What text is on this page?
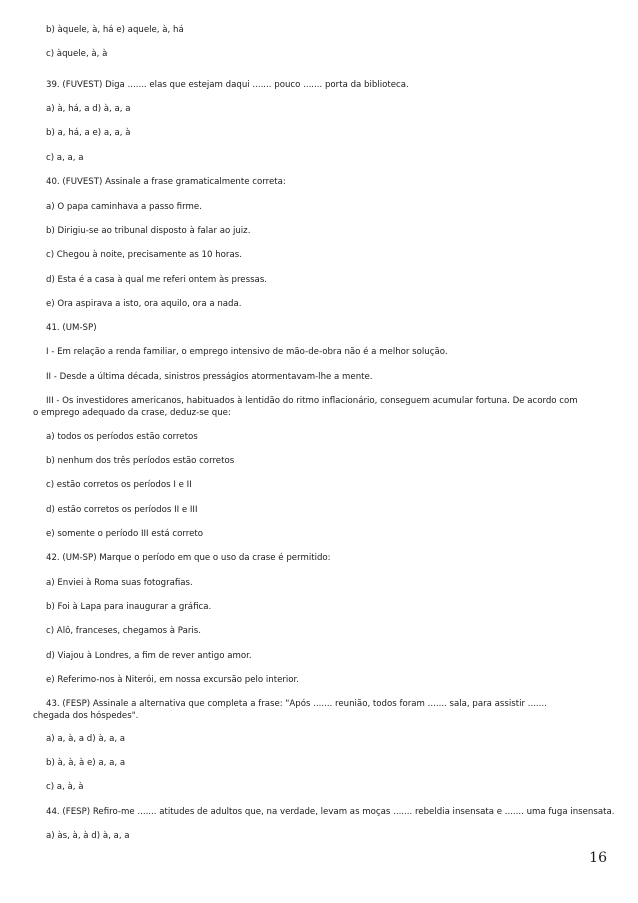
b) àquele, à, há e) aquele, à, há
c) àquele, à, à
39. (FUVEST) Diga ....... elas que estejam daqui ....... pouco ....... porta da biblioteca.
a) à, há, a d) à, a, a
b) a, há, a e) a, a, à
c) a, a, a
40. (FUVEST) Assinale a frase gramaticalmente correta:
a) O papa caminhava a passo firme.
b) Dirigiu-se ao tribunal disposto à falar ao juiz.
c) Chegou à noite, precisamente as 10 horas.
d) Esta é a casa à qual me referi ontem às pressas.
e) Ora aspirava a isto, ora aquilo, ora a nada.
41. (UM-SP)
I - Em relação a renda familiar, o emprego intensivo de mão-de-obra não é a melhor solução.
II - Desde a última década, sinistros presságios atormentavam-lhe a mente.
III - Os investidores americanos, habituados à lentidão do ritmo inflacionário, conseguem acumular fortuna. De acordo com o emprego adequado da crase, deduz-se que:
a) todos os períodos estão corretos
b) nenhum dos três períodos estão corretos
c) estão corretos os períodos I e II
d) estão corretos os períodos II e III
e) somente o período III está correto
42. (UM-SP) Marque o período em que o uso da crase é permitido:
a) Enviei à Roma suas fotografias.
b) Foi à Lapa para inaugurar a gráfica.
c) Alô, franceses, chegamos à Paris.
d) Viajou à Londres, a fim de rever antigo amor.
e) Referimo-nos à Niterói, em nossa excursão pelo interior.
43. (FESP) Assinale a alternativa que completa a frase: "Após ....... reunião, todos foram ....... sala, para assistir ....... chegada dos hóspedes".
a) a, à, a d) à, a, a
b) à, à, à e) a, a, a
c) a, à, à
44. (FESP) Refiro-me ....... atitudes de adultos que, na verdade, levam as moças ....... rebeldia insensata e ....... uma fuga insensata.
a) às, à, à d) à, a, a
16
